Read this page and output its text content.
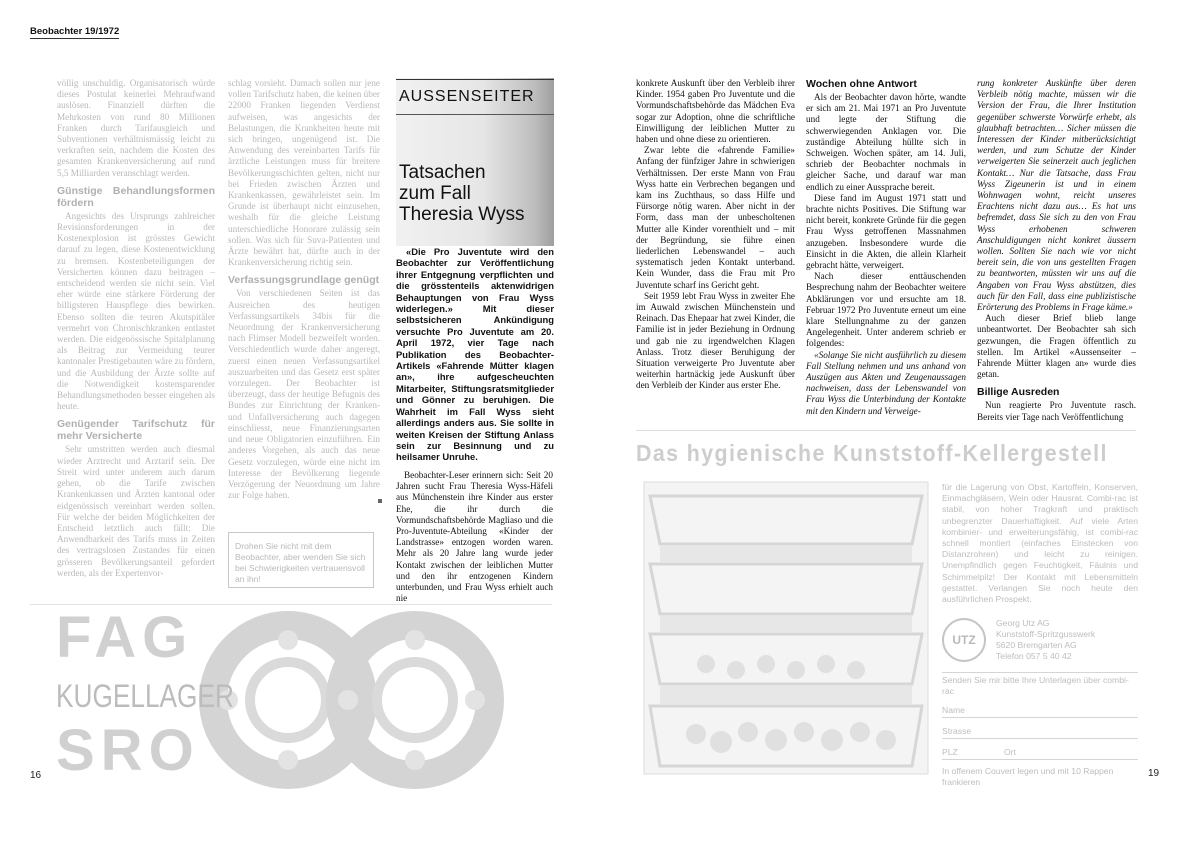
Beobachter 19/1972

völlig unschuldig. Organisatorisch würde dieses Postulat keinerlei Mehraufwand auslösen. Finanziell dürften die Mehrkosten von rund 80 Millionen Franken durch Tarifausgleich und Subventionen verhältnismässig leicht zu verkraften sein, nachdem die Kosten des gesamten Krankenversicherung auf rund 5,5 Milliarden veranschlagt werden.

Günstige Behandlungsformen fördern

Angesichts des Ursprungs zahlreicher Revisionsforderungen in der Kostenexplosion ist grösstes Gewicht darauf zu legen, diese Kostenentwicklung zu bremsen. Kostenbeteiligungen der Versicherten können dazu beitragen – entscheidend werden sie nicht sein. Viel eher würde eine stärkere Förderung der billigsteren Hauspflege dies bewirken. Ebenso sollten die teuren Akutspitäler vermehrt von Chronischkranken entlastet werden. Die eidgenössische Spitalplanung als Beitrag zur Vermeidung teurer kantonaler Prestigebauten wäre zu fördern, und die Ausbildung der Ärzte sollte auf die Notwendigkeit kostensparender Behandlungsmethoden besser eingehen als heute.

Genügender Tarifschutz für mehr Versicherte

Sehr umstritten werden auch diesmal wieder Arztrecht und Arztarif sein. Der Streit wird unter anderem auch darum gehen, ob die Tarife zwischen Krankenkassen und Ärzten kantonal oder eidgenössisch vereinbart werden sollen. Für welche der beiden Möglichkeiten der Entscheid letztlich auch fällt: Die Anwendbarkeit des Tarifs muss in Zeiten des vertragslosen Zustandes für einen grösseren Bevölkerungsanteil gefordert werden, als der Expertenvor-

schlag vorsieht. Damach sollen nur jene vollen Tarifschutz haben, die keinen über 22000 Franken liegenden Verdienst aufweisen, was angesichts der Belastungen, die Krankheiten heute mit sich bringen, ungenügend ist. Die Anwendung des vereinbarten Tarifs für ärztliche Leistungen muss für breitere Bevölkerungsschichten gelten, nicht nur bei Frieden zwischen Ärzten und Krankenkassen, gewährleistet sein. Im Grunde ist überhaupt nicht einzusehen, weshalb für die gleiche Leistung unterschiedliche Honorare zulässig sein sollen. Was sich für Suva-Patienten und Ärzte bewährt hat, dürfte auch in der Krankenversicherung richtig sein.

Verfassungsgrundlage genügt

Von verschiedenen Seiten ist das Ausreichen des heutigen Verfassungsartikels 34bis für die Neuordnung der Krankenversicherung nach Flimser Modell bezweifelt worden. Verschiedentlich wurde daher angeregt, zuerst einen neuen Verfassungsartikel auszuarbeiten und das Gesetz erst später vorzulegen. Der Beobachter ist überzeugt, dass der heutige Befugnis des Bundes zur Einrichtung der Kranken- und Unfallversicherung auch dagegen einschliesst, neue Finanzierungsarten und neue Obligatorien einzuführen. Ein anderes Vorgehen, als auch das neue Gesetz vorzulegen, würde eine nicht im Interesse der Bevölkerung liegende Verzögerung der Neuordnung um Jahre zur Folge haben.

Drohen Sie nicht mit dem Beobachter, aber wenden Sie sich bei Schwierigkeiten vertrauensvoll an ihn!
AUSSENSEITER
Tatsachen
zum Fall
Theresia Wyss

«Die Pro Juventute wird den Beobachter zur Veröffentlichung ihrer Entgegnung verpflichten und die grösstenteils aktenwidrigen Behauptungen von Frau Wyss widerlegen.» Mit dieser selbstsicheren Ankündigung versuchte Pro Juventute am 20. April 1972, vier Tage nach Publikation des Beobachter-Artikels «Fahrende Mütter klagen an», ihre aufgescheuchten Mitarbeiter, Stiftungsratsmitglieder und Gönner zu beruhigen. Die Wahrheit im Fall Wyss sieht allerdings anders aus. Sie sollte in weiten Kreisen der Stiftung Anlass sein zur Besinnung und zu heilsamer Unruhe.

Beobachter-Leser erinnern sich: Seit 20 Jahren sucht Frau Theresia Wyss-Häfeli aus Münchenstein ihre Kinder aus erster Ehe, die ihr durch die Vormundschaftsbehörde Magliaso und die Pro-Juventute-Abteilung «Kinder der Landstrasse» entzogen worden waren. Mehr als 20 Jahre lang wurde jeder Kontakt zwischen der leiblichen Mutter und den ihr entzogenen Kindern unterbunden, und Frau Wyss erhielt auch nie

FAG
KUGELLAGER
SRO
16

konkrete Auskunft über den Verbleib ihrer Kinder. 1954 gaben Pro Juventute und die Vormundschaftsbehörde das Mädchen Eva sogar zur Adoption, ohne die schriftliche Einwilligung der leiblichen Mutter zu haben und ohne diese zu orientieren.

Zwar lebte die «fahrende Familie» Anfang der fünfziger Jahre in schwierigen Verhältnissen. Der erste Mann von Frau Wyss hatte ein Verbrechen begangen und kam ins Zuchthaus, so dass Hilfe und Fürsorge nötig waren. Aber nicht in der Form, dass man der unbescholtenen Mutter alle Kinder vorenthielt und – mit der Begründung, sie führe einen liederlichen Lebenswandel – auch systematisch jeden Kontakt unterband. Kein Wunder, dass die Frau mit Pro Juventute scharf ins Gericht geht.

Seit 1959 lebt Frau Wyss in zweiter Ehe im Auwald zwischen Münchenstein und Reinach. Das Ehepaar hat zwei Kinder, die Familie ist in jeder Beziehung in Ordnung und gab nie zu irgendwelchen Klagen Anlass. Trotz dieser Beruhigung der Situation verweigerte Pro Juventute aber weiterhin hartnäckig jede Auskunft über den Verbleib der Kinder aus erster Ehe.

Wochen ohne Antwort

Als der Beobachter davon hörte, wandte er sich am 21. Mai 1971 an Pro Juventute und legte der Stiftung die schwerwiegenden Anklagen vor. Die zuständige Abteilung hüllte sich in Schweigen. Wochen später, am 14. Juli, schrieb der Beobachter nochmals in gleicher Sache, und darauf war man endlich zu einer Aussprache bereit.

Diese fand im August 1971 statt und brachte nichts Positives. Die Stiftung war nicht bereit, konkrete Gründe für die gegen Frau Wyss getroffenen Massnahmen anzugeben. Insbesondere wurde die Einsicht in die Akten, die allein Klarheit gebracht hätte, verweigert.

Nach dieser enttäuschenden Besprechung nahm der Beobachter weitere Abklärungen vor und ersuchte am 18. Februar 1972 Pro Juventute erneut um eine klare Stellungnahme zu der ganzen Angelegenheit. Unter anderem schrieb er folgendes:

«Solange Sie nicht ausführlich zu diesem Fall Stellung nehmen und uns anhand von Auszügen aus Akten und Zeugenaussagen nachweisen, dass der Lebenswandel von Frau Wyss die Unterbindung der Kontakte mit den Kindern und Verweige-

rung konkreter Auskünfte über deren Verbleib nötig machte, müssen wir die Version der Frau, die Ihrer Institution gegenüber schwerste Vorwürfe erhebt, als glaubhaft betrachten… Sicher müssen die Interessen der Kinder mitberücksichtigt werden, und zum Schutze der Kinder verweigerten Sie seinerzeit auch jeglichen Kontakt… Nur die Tatsache, dass Frau Wyss Zigeunerin ist und in einem Wohnwagen wohnt, reicht unseres Erachtens nicht dazu aus… Es hat uns befremdet, dass Sie sich zu den von Frau Wyss erhobenen schweren Anschuldigungen nicht konkret äussern wollen. Sollten Sie nach wie vor nicht bereit sein, die von uns gestellten Fragen zu beantworten, müssten wir uns auf die Angaben von Frau Wyss abstützen, dies auch für den Fall, dass eine publizistische Erörterung des Problems in Frage käme.»

Auch dieser Brief blieb lange unbeantwortet. Der Beobachter sah sich gezwungen, die Fragen öffentlich zu stellen. Im Artikel «Aussenseiter – Fahrende Mütter klagen an» wurde dies getan.

Billige Ausreden

Nun reagierte Pro Juventute rasch. Bereits vier Tage nach Veröffentlichung

Das hygienische Kunststoff-Kellergestell

für die Lagerung von Obst, Kartoffeln, Konserven, Einmachgläsern, Wein oder Hausrat. Combi-rac ist stabil, von hoher Tragkraft und praktisch unbegrenzter Dauerhaftigkeit. Auf viele Arten kombinier- und erweiterungsfähig, ist combi-rac schnell montiert (einfaches Einstecken von Distanzrohren) und leicht zu reinigen. Unempfindlich gegen Feuchtigkeit, Fäulnis und Schimmelpilz! Der Kontakt mit Lebensmitteln gestattet. Verlangen Sie noch heute den ausführlichen Prospekt.

UTZ
Georg Utz AG
Kunststoff-Spritzgusswerk
5620 Bremgarten AG
Telefon 057 5 40 42
Senden Sie mir bitte Ihre Unterlagen über combi-rac
Name
Strasse
PLZ	Ort
In offenem Couvert legen und mit 10 Rappen frankieren
19
